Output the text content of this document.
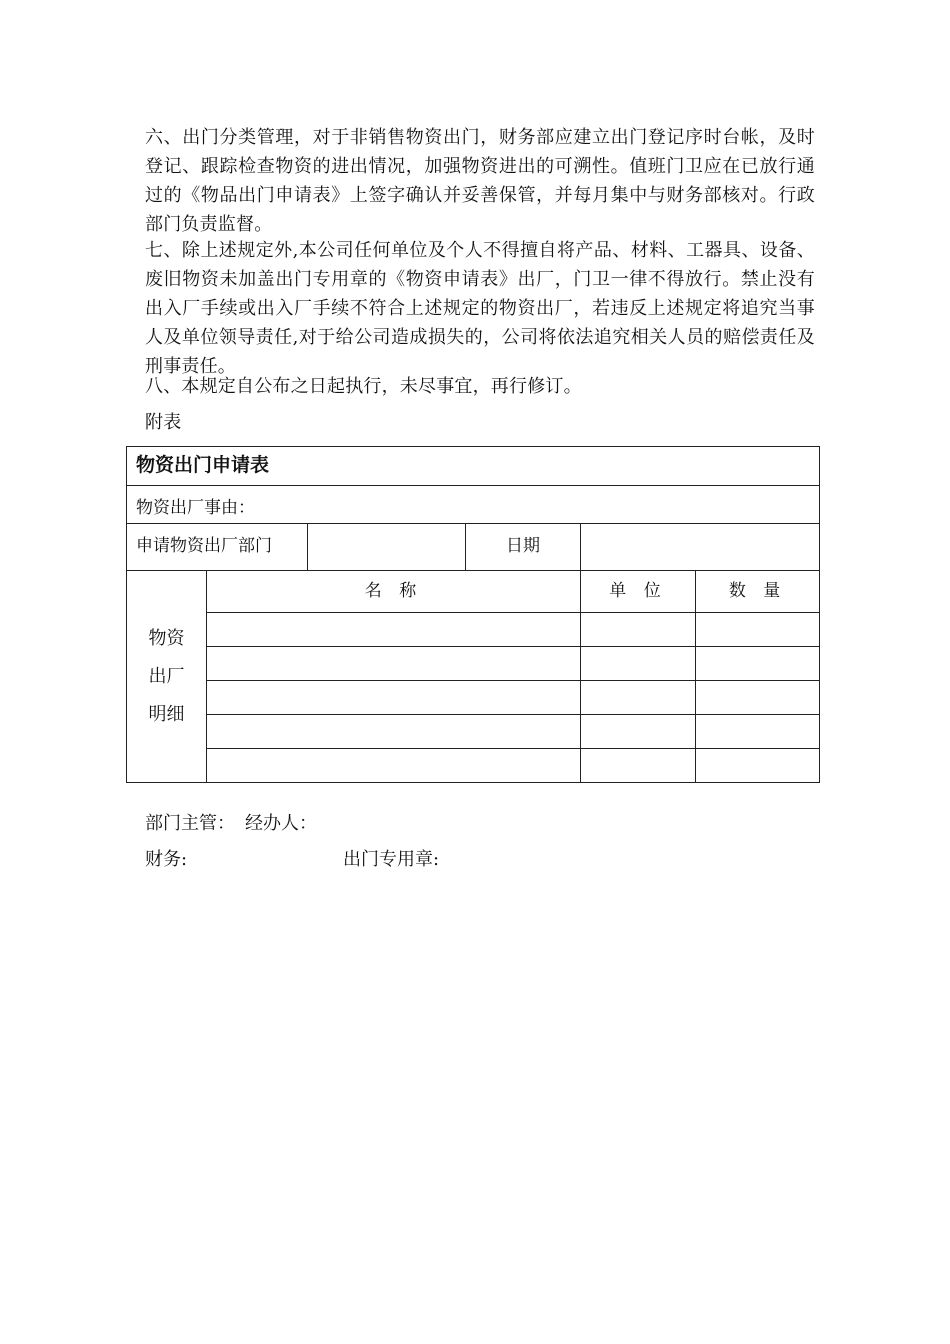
六、出门分类管理，对于非销售物资出门，财务部应建立出门登记序时台帐，及时登记、跟踪检查物资的进出情况，加强物资进出的可溯性。值班门卫应在已放行通过的《物品出门申请表》上签字确认并妥善保管，并每月集中与财务部核对。行政部门负责监督。

七、除上述规定外,本公司任何单位及个人不得擅自将产品、材料、工器具、设备、废旧物资未加盖出门专用章的《物资申请表》出厂，门卫一律不得放行。禁止没有出入厂手续或出入厂手续不符合上述规定的物资出厂，若违反上述规定将追究当事人及单位领导责任,对于给公司造成损失的，公司将依法追究相关人员的赔偿责任及刑事责任。

八、本规定自公布之日起执行，未尽事宜，再行修订。

附表

物资出门申请表					
物资出厂事由：					
申请物资出厂部门			日期		

物资
出厂
明细	名 称			单 位	数 量

部门主管： 经办人：

财务:	出门专用章:
